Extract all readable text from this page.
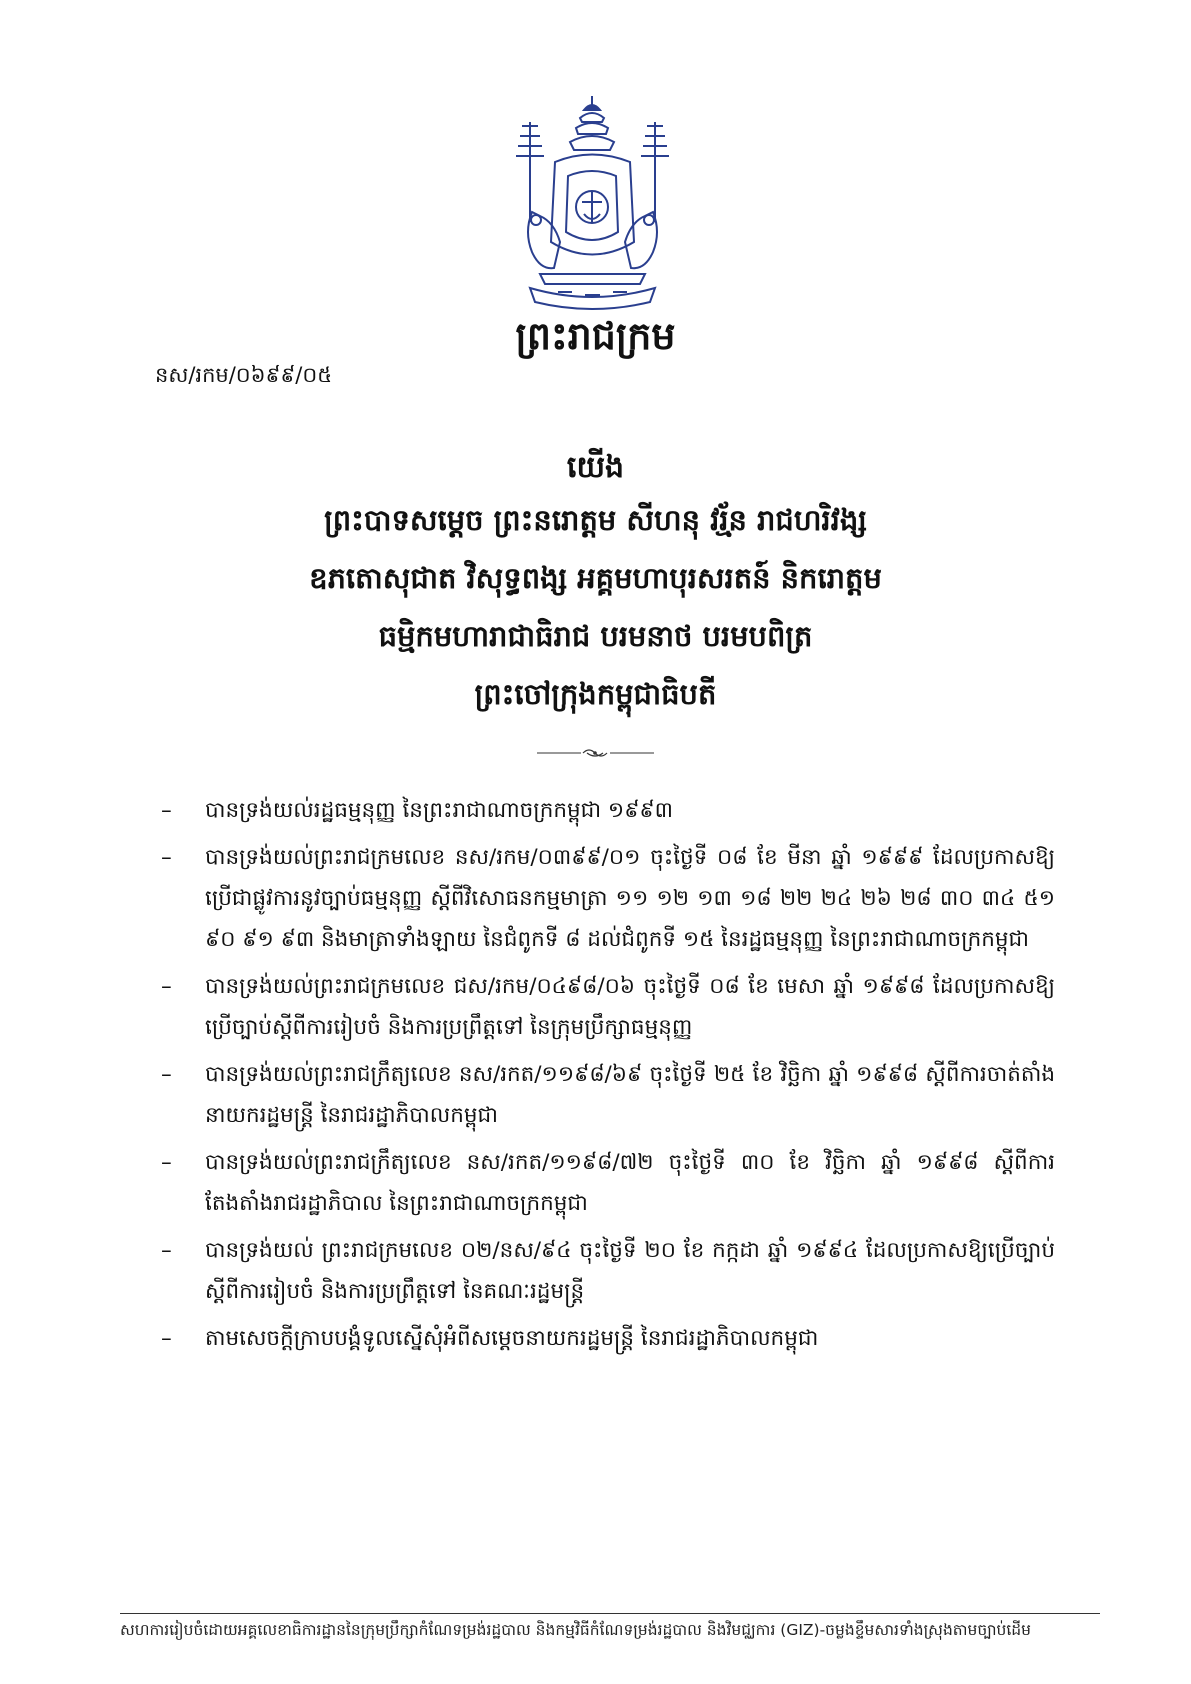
ព្រះរាជក្រម
នស/រកម/០៦៩៩/០៥
យើង
ព្រះបាទសម្តេច ព្រះនរោត្តម សីហនុ វរ្ម័ន រាជហរិវង្ស
ឧភតោសុជាត វិសុទ្ធពង្ស អគ្គមហាបុរសរតន៍ និករោត្តម
ធម្មិកមហារាជាធិរាជ បរមនាថ បរមបពិត្រ
ព្រះចៅក្រុងកម្ពុជាធិបតី
– បានទ្រង់យល់រដ្ឋធម្មនុញ្ញ នៃព្រះរាជាណាចក្រកម្ពុជា ១៩៩៣
– បានទ្រង់យល់ព្រះរាជក្រមលេខ នស/រកម/០៣៩៩/០១ ចុះថ្ងៃទី ០៨ ខែ មីនា ឆ្នាំ ១៩៩៩ ដែលប្រកាសឱ្យប្រើជាផ្លូវការនូវច្បាប់ធម្មនុញ្ញ ស្តីពីវិសោធនកម្មមាត្រា ១១ ១២ ១៣ ១៨ ២២ ២៤ ២៦ ២៨ ៣០ ៣៤ ៥១ ៩០ ៩១ ៩៣ និងមាត្រាទាំងឡាយ នៃជំពូកទី ៨ ដល់ជំពូកទី ១៥ នៃរដ្ឋធម្មនុញ្ញ នៃព្រះរាជាណាចក្រកម្ពុជា
– បានទ្រង់យល់ព្រះរាជក្រមលេខ ជស/រកម/០៤៩៨/០៦ ចុះថ្ងៃទី ០៨ ខែ មេសា ឆ្នាំ ១៩៩៨ ដែលប្រកាសឱ្យប្រើច្បាប់ស្តីពីការរៀបចំ និងការប្រព្រឹត្តទៅ នៃក្រុមប្រឹក្សាធម្មនុញ្ញ
– បានទ្រង់យល់ព្រះរាជក្រឹត្យលេខ នស/រកត/១១៩៨/៦៩ ចុះថ្ងៃទី ២៥ ខែ វិច្ឆិកា ឆ្នាំ ១៩៩៨ ស្តីពីការចាត់តាំងនាយករដ្ឋមន្ត្រី នៃរាជរដ្ឋាភិបាលកម្ពុជា
– បានទ្រង់យល់ព្រះរាជក្រឹត្យលេខ នស/រកត/១១៩៨/៧២ ចុះថ្ងៃទី ៣០ ខែ វិច្ឆិកា ឆ្នាំ ១៩៩៨ ស្តីពីការតែងតាំងរាជរដ្ឋាភិបាល នៃព្រះរាជាណាចក្រកម្ពុជា
– បានទ្រង់យល់ ព្រះរាជក្រមលេខ ០២/នស/៩៤ ចុះថ្ងៃទី ២០ ខែ កក្កដា ឆ្នាំ ១៩៩៤ ដែលប្រកាសឱ្យប្រើច្បាប់ ស្តីពីការរៀបចំ និងការប្រព្រឹត្តទៅ នៃគណៈរដ្ឋមន្ត្រី
– តាមសេចក្តីក្រាបបង្គំទូលស្នើសុំអំពីសម្តេចនាយករដ្ឋមន្ត្រី នៃរាជរដ្ឋាភិបាលកម្ពុជា
សហការរៀបចំដោយអគ្គលេខាធិការដ្ឋាននៃក្រុមប្រឹក្សាកំណែទម្រង់រដ្ឋបាល និងកម្មវិធីកំណែទម្រង់រដ្ឋបាល និងវិមជ្ឈការ (GIZ)-ចម្លងខ្ទឹមសារទាំងស្រុងតាមច្បាប់ដើម
